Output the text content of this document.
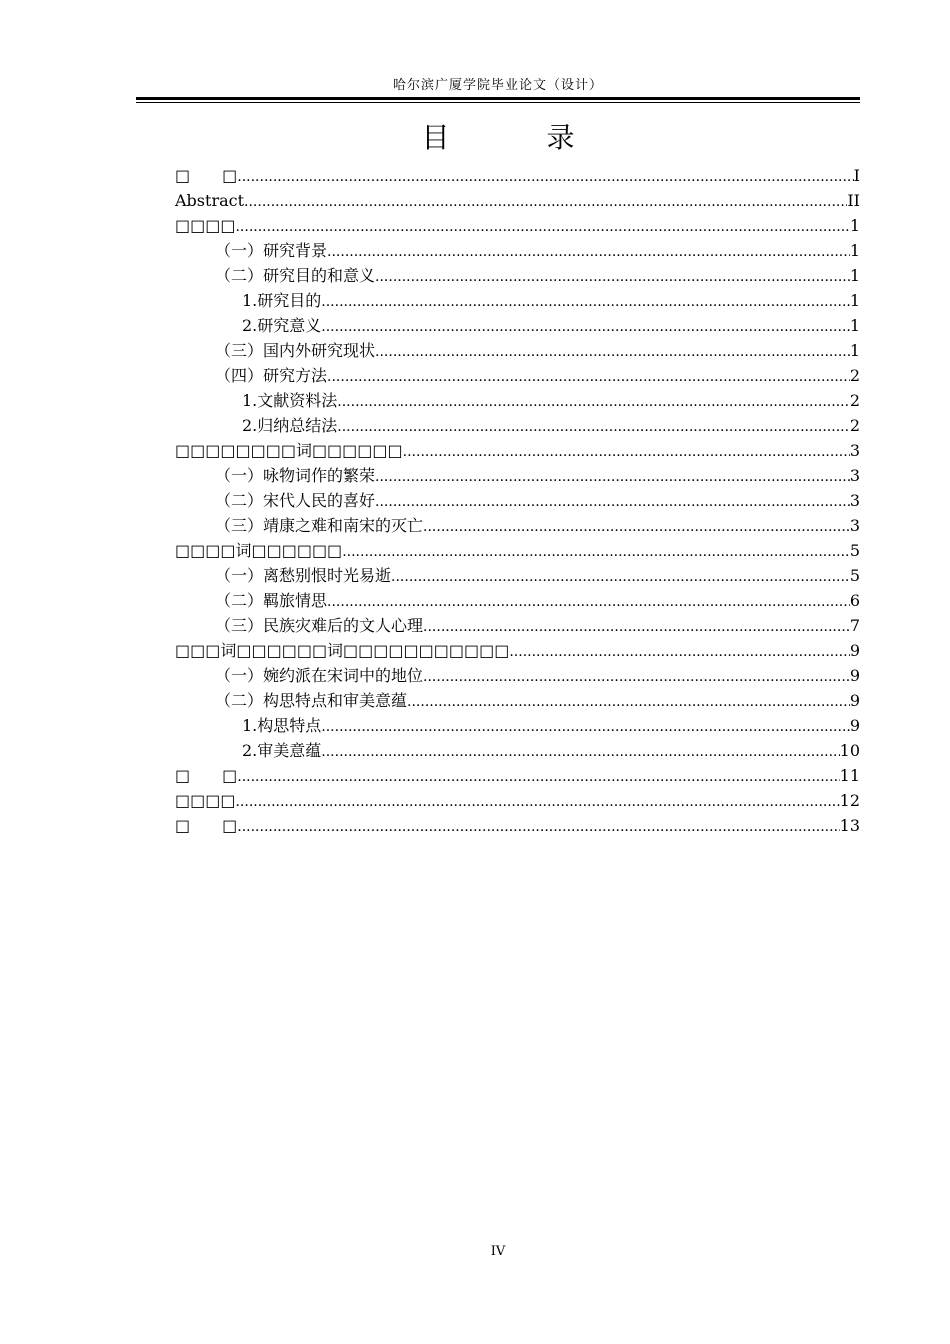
哈尔滨广厦学院毕业论文（设计）
目 录
□　　□ .....	I
Abstract .....	II
□□□□ .....	1
（一）研究背景 .....	1
（二）研究目的和意义 .....	1
1.研究目的 .....	1
2.研究意义 .....	1
（三）国内外研究现状 .....	1
（四）研究方法 .....	2
1.文献资料法 .....	2
2.归纳总结法 .....	2
□□□□□□□□词□□□□□□ .....	3
（一）咏物词作的繁荣 .....	3
（二）宋代人民的喜好 .....	3
（三）靖康之难和南宋的灭亡 .....	3
□□□□词□□□□□□ .....	5
（一）离愁别恨时光易逝 .....	5
（二）羁旅情思 .....	6
（三）民族灾难后的文人心理 .....	7
□□□词□□□□□□词□□□□□□□□□□□ .....	9
（一）婉约派在宋词中的地位 .....	9
（二）构思特点和审美意蕴 .....	9
1.构思特点 .....	9
2.审美意蕴 .....	10
□　　□ .....	11
□□□□ .....	12
□　　□ .....	13
IV
